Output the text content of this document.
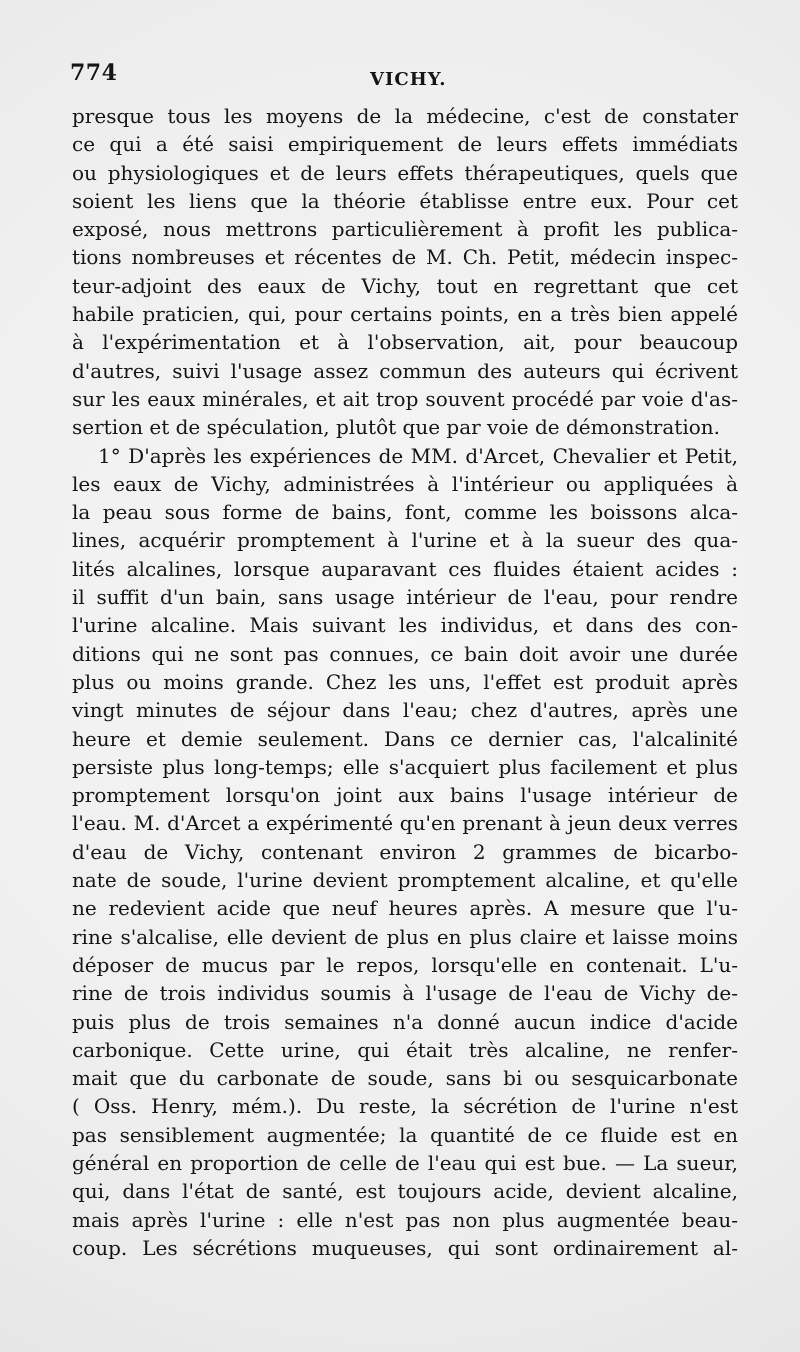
774	VICHY.
presque tous les moyens de la médecine, c'est de constater
ce qui a été saisi empiriquement de leurs effets immédiats
ou physiologiques et de leurs effets thérapeutiques, quels que
soient les liens que la théorie établisse entre eux. Pour cet
exposé, nous mettrons particulièrement à profit les publica-
tions nombreuses et récentes de M. Ch. Petit, médecin inspec-
teur-adjoint des eaux de Vichy, tout en regrettant que cet
habile praticien, qui, pour certains points, en a très bien appelé
à l'expérimentation et à l'observation, ait, pour beaucoup
d'autres, suivi l'usage assez commun des auteurs qui écrivent
sur les eaux minérales, et ait trop souvent procédé par voie d'as-
sertion et de spéculation, plutôt que par voie de démonstration.
1° D'après les expériences de MM. d'Arcet, Chevalier et Petit,
les eaux de Vichy, administrées à l'intérieur ou appliquées à
la peau sous forme de bains, font, comme les boissons alca-
lines, acquérir promptement à l'urine et à la sueur des qua-
lités alcalines, lorsque auparavant ces fluides étaient acides :
il suffit d'un bain, sans usage intérieur de l'eau, pour rendre
l'urine alcaline. Mais suivant les individus, et dans des con-
ditions qui ne sont pas connues, ce bain doit avoir une durée
plus ou moins grande. Chez les uns, l'effet est produit après
vingt minutes de séjour dans l'eau; chez d'autres, après une
heure et demie seulement. Dans ce dernier cas, l'alcalinité
persiste plus long-temps; elle s'acquiert plus facilement et plus
promptement lorsqu'on joint aux bains l'usage intérieur de
l'eau. M. d'Arcet a expérimenté qu'en prenant à jeun deux verres
d'eau de Vichy, contenant environ 2 grammes de bicarbo-
nate de soude, l'urine devient promptement alcaline, et qu'elle
ne redevient acide que neuf heures après. A mesure que l'u-
rine s'alcalise, elle devient de plus en plus claire et laisse moins
déposer de mucus par le repos, lorsqu'elle en contenait. L'u-
rine de trois individus soumis à l'usage de l'eau de Vichy de-
puis plus de trois semaines n'a donné aucun indice d'acide
carbonique. Cette urine, qui était très alcaline, ne renfer-
mait que du carbonate de soude, sans bi ou sesquicarbonate
( Oss. Henry, mém.). Du reste, la sécrétion de l'urine n'est
pas sensiblement augmentée; la quantité de ce fluide est en
général en proportion de celle de l'eau qui est bue. — La sueur,
qui, dans l'état de santé, est toujours acide, devient alcaline,
mais après l'urine : elle n'est pas non plus augmentée beau-
coup. Les sécrétions muqueuses, qui sont ordinairement al-
